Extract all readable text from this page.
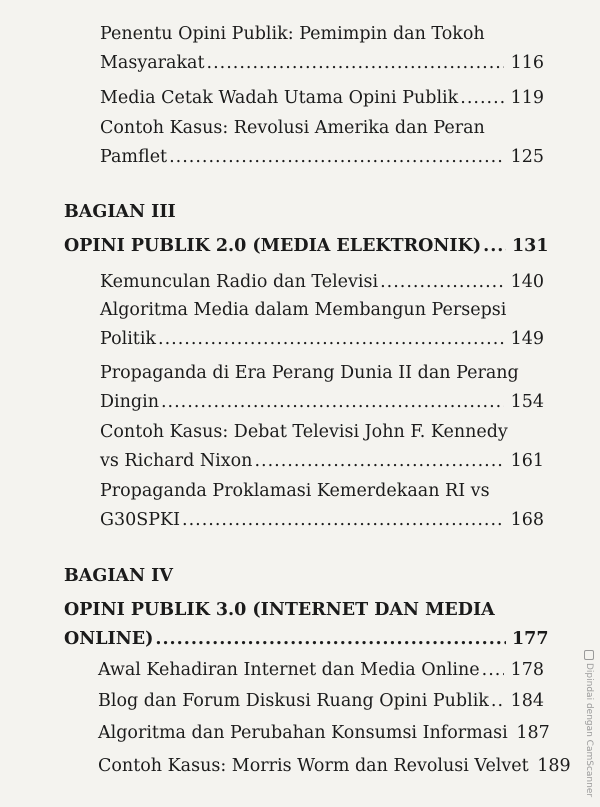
Penentu Opini Publik: Pemimpin dan Tokoh
Masyarakat .....	116
Media Cetak Wadah Utama Opini Publik .....	119
Contoh Kasus: Revolusi Amerika dan Peran
Pamflet .....	125
BAGIAN III
OPINI PUBLIK 2.0 (MEDIA ELEKTRONIK) ..... 131
Kemunculan Radio dan Televisi .....	140
Algoritma Media dalam Membangun Persepsi
Politik .....	149
Propaganda di Era Perang Dunia II dan Perang
Dingin .....	154
Contoh Kasus: Debat Televisi John F. Kennedy
vs Richard Nixon .....	161
Propaganda Proklamasi Kemerdekaan RI vs
G30SPKI .....	168
BAGIAN IV
OPINI PUBLIK 3.0 (INTERNET DAN MEDIA
ONLINE) .....	177
Awal Kehadiran Internet dan Media Online ..... 178
Blog dan Forum Diskusi Ruang Opini Publik ..... 184
Algoritma dan Perubahan Konsumsi Informasi 187
Contoh Kasus: Morris Worm dan Revolusi Velvet 189 Dipindai dengan CamScanner
